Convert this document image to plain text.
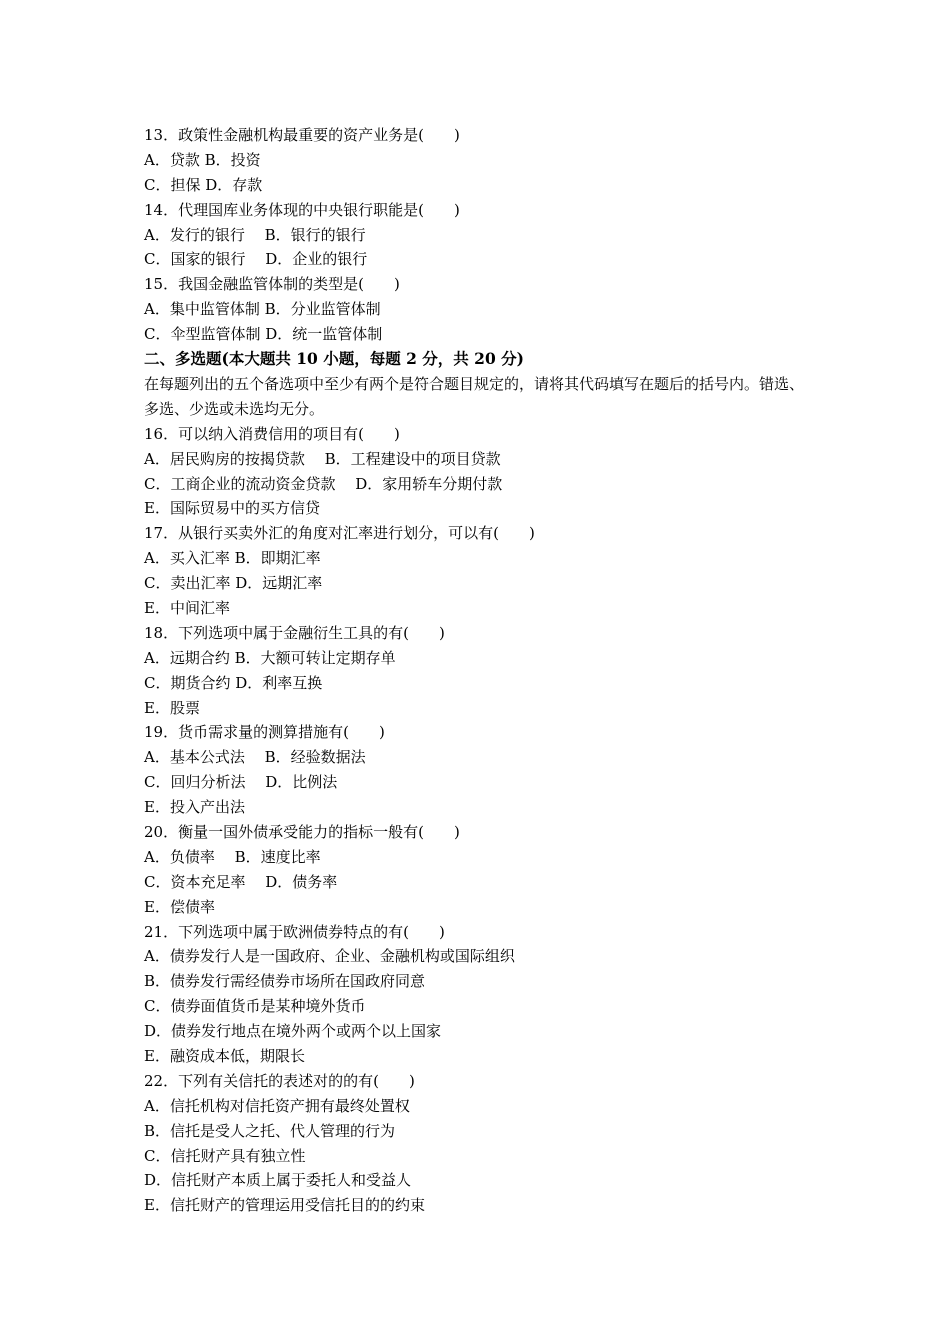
13．政策性金融机构最重要的资产业务是(　　)
A．贷款 B．投资
C．担保 D．存款
14．代理国库业务体现的中央银行职能是(　　)
A．发行的银行　 B．银行的银行
C．国家的银行　 D．企业的银行
15．我国金融监管体制的类型是(　　)
A．集中监管体制 B．分业监管体制
C．伞型监管体制 D．统一监管体制
二、多选题(本大题共 10 小题，每题 2 分，共 20 分)
在每题列出的五个备选项中至少有两个是符合题目规定的，请将其代码填写在题后的括号内。错选、多选、少选或未选均无分。
16．可以纳入消费信用的项目有(　　)
A．居民购房的按揭贷款　 B．工程建设中的项目贷款
C．工商企业的流动资金贷款　 D．家用轿车分期付款
E．国际贸易中的买方信贷
17．从银行买卖外汇的角度对汇率进行划分，可以有(　　)
A．买入汇率 B．即期汇率
C．卖出汇率 D．远期汇率
E．中间汇率
18．下列选项中属于金融衍生工具的有(　　)
A．远期合约 B．大额可转让定期存单
C．期货合约 D．利率互换
E．股票
19．货币需求量的测算措施有(　　)
A．基本公式法　 B．经验数据法
C．回归分析法　 D．比例法
E．投入产出法
20．衡量一国外债承受能力的指标一般有(　　)
A．负债率　 B．速度比率
C．资本充足率　 D．债务率
E．偿债率
21．下列选项中属于欧洲债券特点的有(　　)
A．债券发行人是一国政府、企业、金融机构或国际组织
B．债券发行需经债券市场所在国政府同意
C．债券面值货币是某种境外货币
D．债券发行地点在境外两个或两个以上国家
E．融资成本低，期限长
22．下列有关信托的表述对的的有(　　)
A．信托机构对信托资产拥有最终处置权
B．信托是受人之托、代人管理的行为
C．信托财产具有独立性
D．信托财产本质上属于委托人和受益人
E．信托财产的管理运用受信托目的的约束
